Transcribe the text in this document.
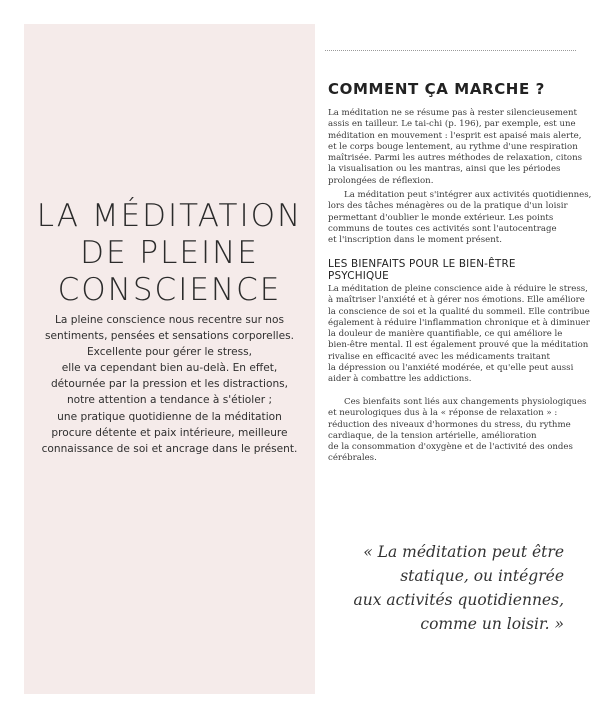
LA MÉDITATION
DE PLEINE
CONSCIENCE
La pleine conscience nous recentre sur nos
sentiments, pensées et sensations corporelles.
Excellente pour gérer le stress,
elle va cependant bien au-delà. En effet,
détournée par la pression et les distractions,
notre attention a tendance à s'étioler ;
une pratique quotidienne de la méditation
procure détente et paix intérieure, meilleure
connaissance de soi et ancrage dans le présent.
COMMENT ÇA MARCHE ?
La méditation ne se résume pas à rester silencieusement
assis en tailleur. Le tai-chi (p. 196), par exemple, est une
méditation en mouvement : l'esprit est apaisé mais alerte,
et le corps bouge lentement, au rythme d'une respiration
maîtrisée. Parmi les autres méthodes de relaxation, citons
la visualisation ou les mantras, ainsi que les périodes
prolongées de réflexion.
La méditation peut s'intégrer aux activités quotidiennes,
lors des tâches ménagères ou de la pratique d'un loisir
permettant d'oublier le monde extérieur. Les points
communs de toutes ces activités sont l'autocentrage
et l'inscription dans le moment présent.
LES BIENFAITS POUR LE BIEN-ÊTRE
PSYCHIQUE
La méditation de pleine conscience aide à réduire le stress,
à maîtriser l'anxiété et à gérer nos émotions. Elle améliore
la conscience de soi et la qualité du sommeil. Elle contribue
également à réduire l'inflammation chronique et à diminuer
la douleur de manière quantifiable, ce qui améliore le
bien-être mental. Il est également prouvé que la méditation
rivalise en efficacité avec les médicaments traitant
la dépression ou l'anxiété modérée, et qu'elle peut aussi
aider à combattre les addictions.
Ces bienfaits sont liés aux changements physiologiques
et neurologiques dus à la « réponse de relaxation » :
réduction des niveaux d'hormones du stress, du rythme
cardiaque, de la tension artérielle, amélioration
de la consommation d'oxygène et de l'activité des ondes
cérébrales.
« La méditation peut être
statique, ou intégrée
aux activités quotidiennes,
comme un loisir. »
